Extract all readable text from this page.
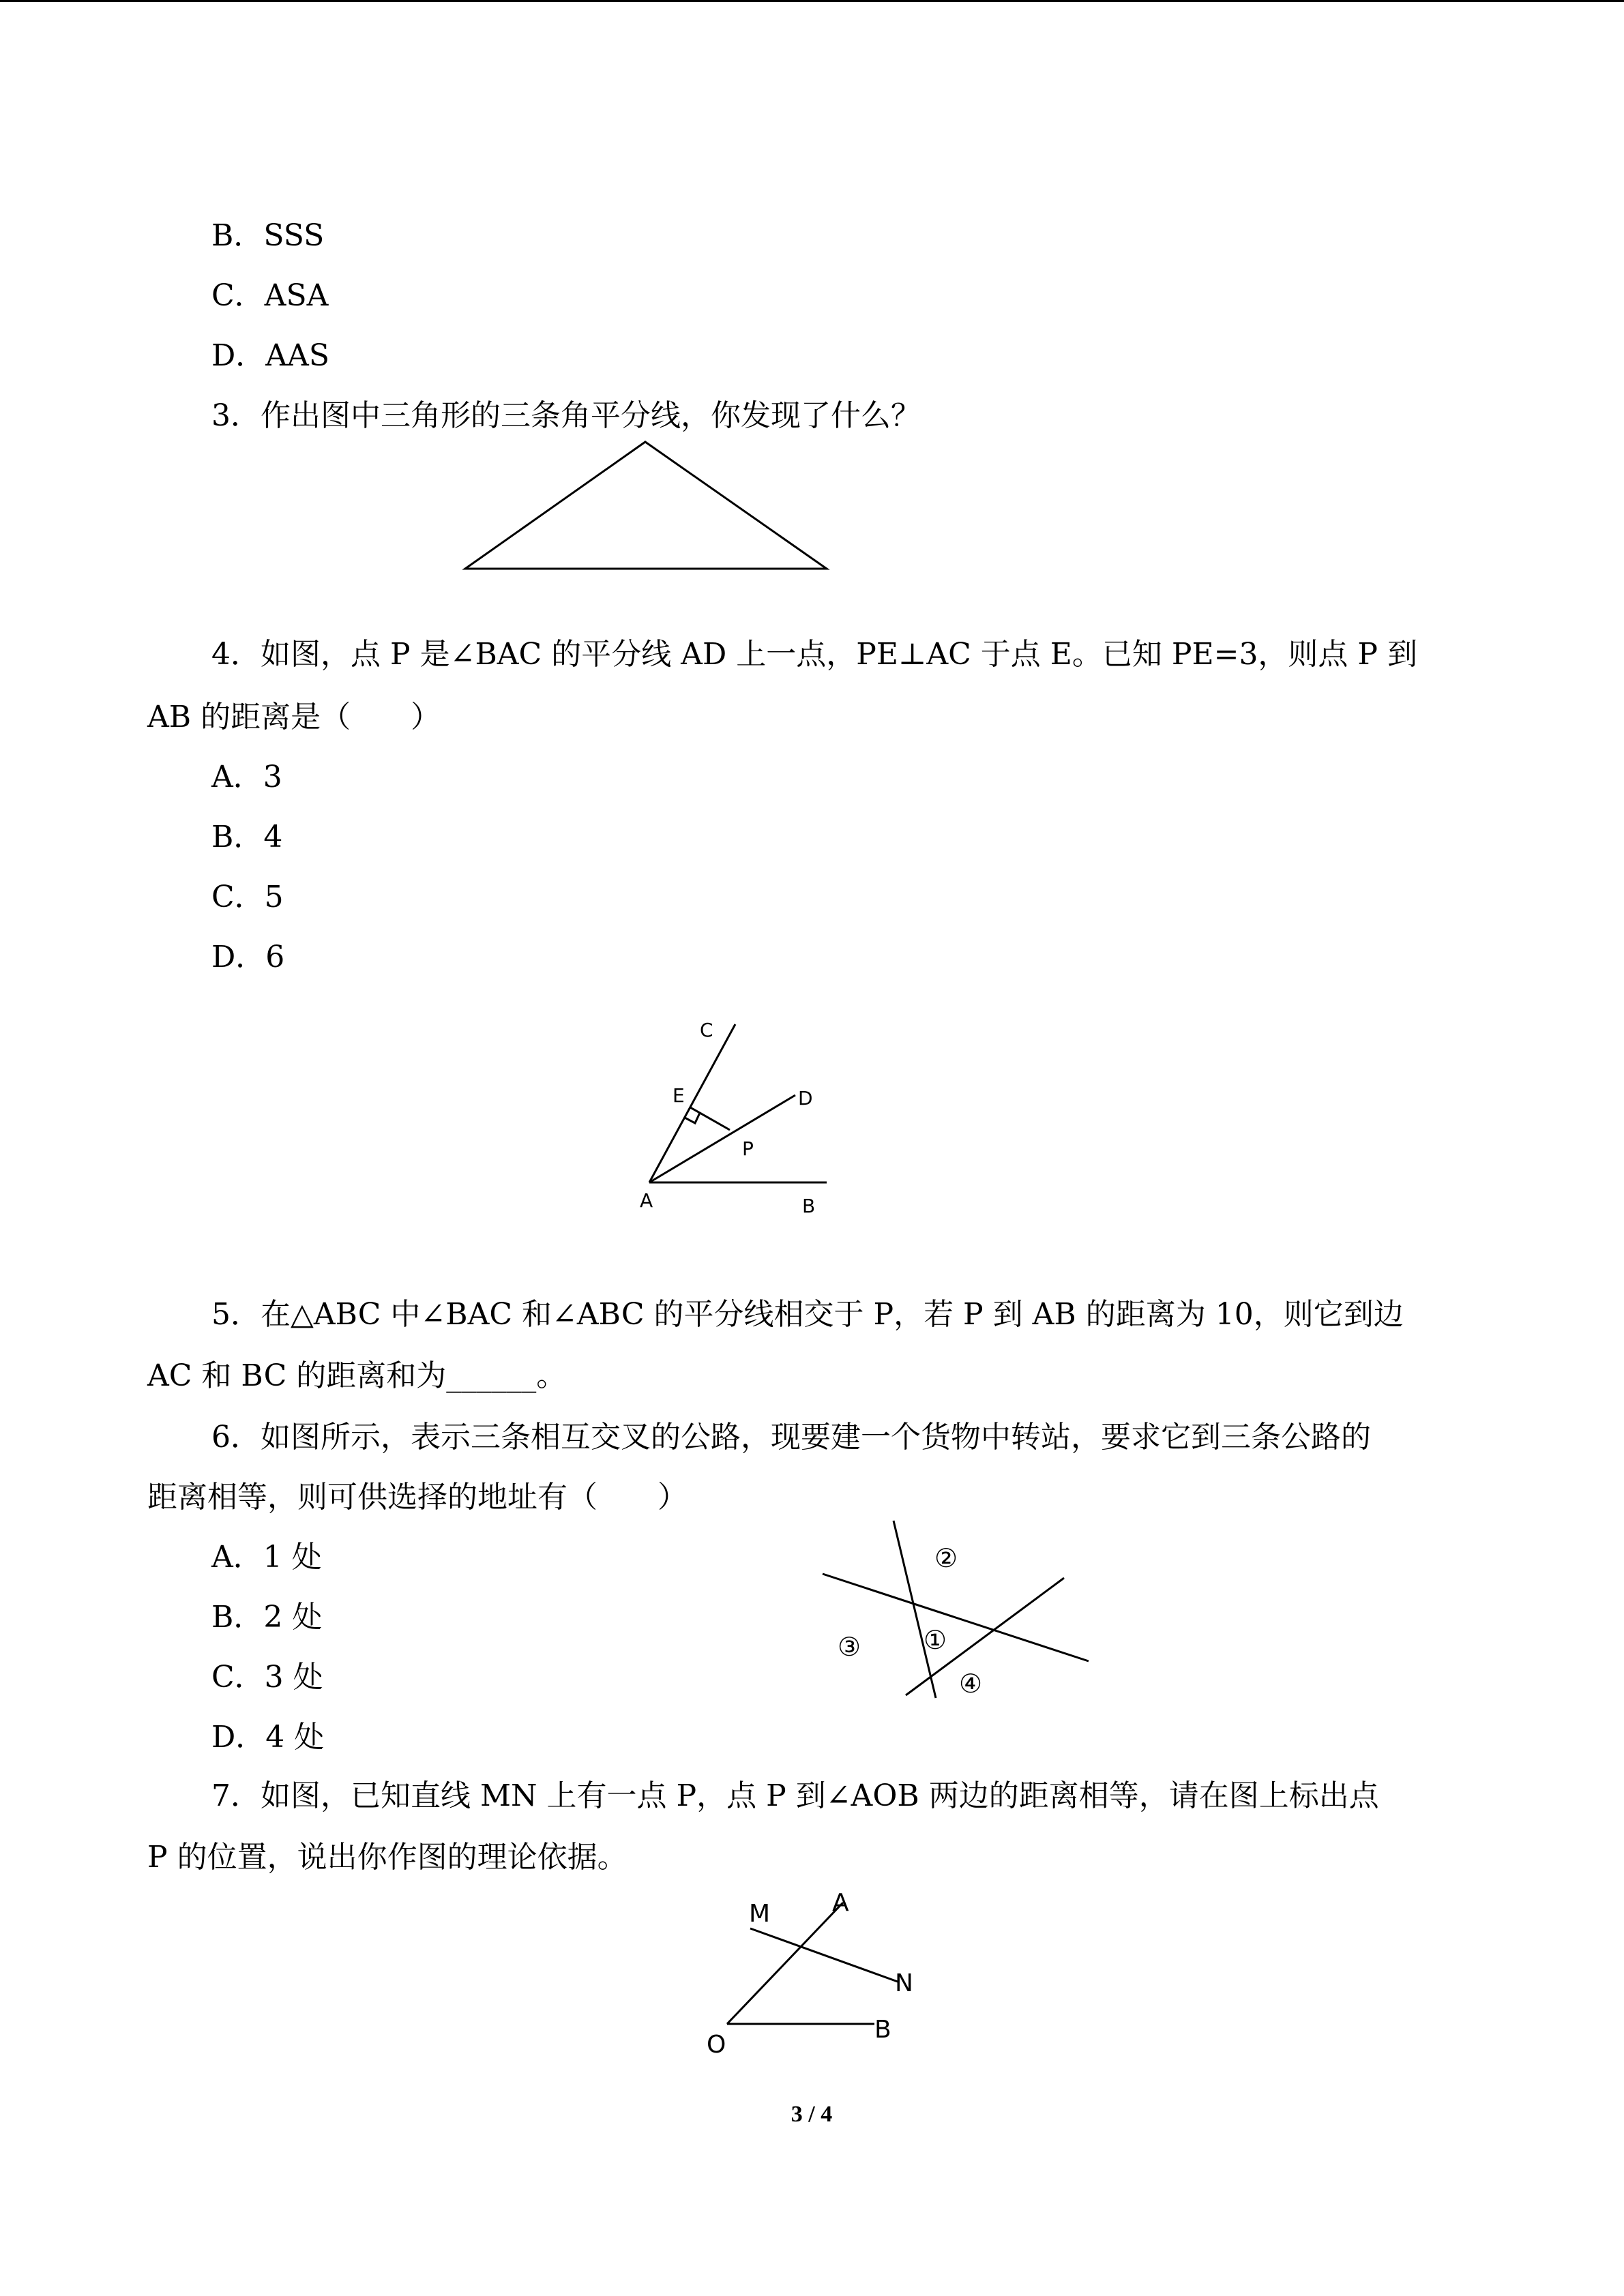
B．SSS
C．ASA
D．AAS
3．作出图中三角形的三条角平分线，你发现了什么？
4．如图，点 P 是∠BAC 的平分线 AD 上一点，PE⊥AC 于点 E。已知 PE=3，则点 P 到
AB 的距离是（　　）
A．3
B．4
C．5
D．6
C
E	D
P
A	B
5．在△ABC 中∠BAC 和∠ABC 的平分线相交于 P，若 P 到 AB 的距离为 10，则它到边
AC 和 BC 的距离和为______。
6．如图所示，表示三条相互交叉的公路，现要建一个货物中转站，要求它到三条公路的
距离相等，则可供选择的地址有（　　）
A．1 处
B．2 处
C．3 处
D．4 处
②
③ ①
④
7．如图，已知直线 MN 上有一点 P，点 P 到∠AOB 两边的距离相等，请在图上标出点
P 的位置，说出你作图的理论依据。
M	A
N
O
B
3 / 4
